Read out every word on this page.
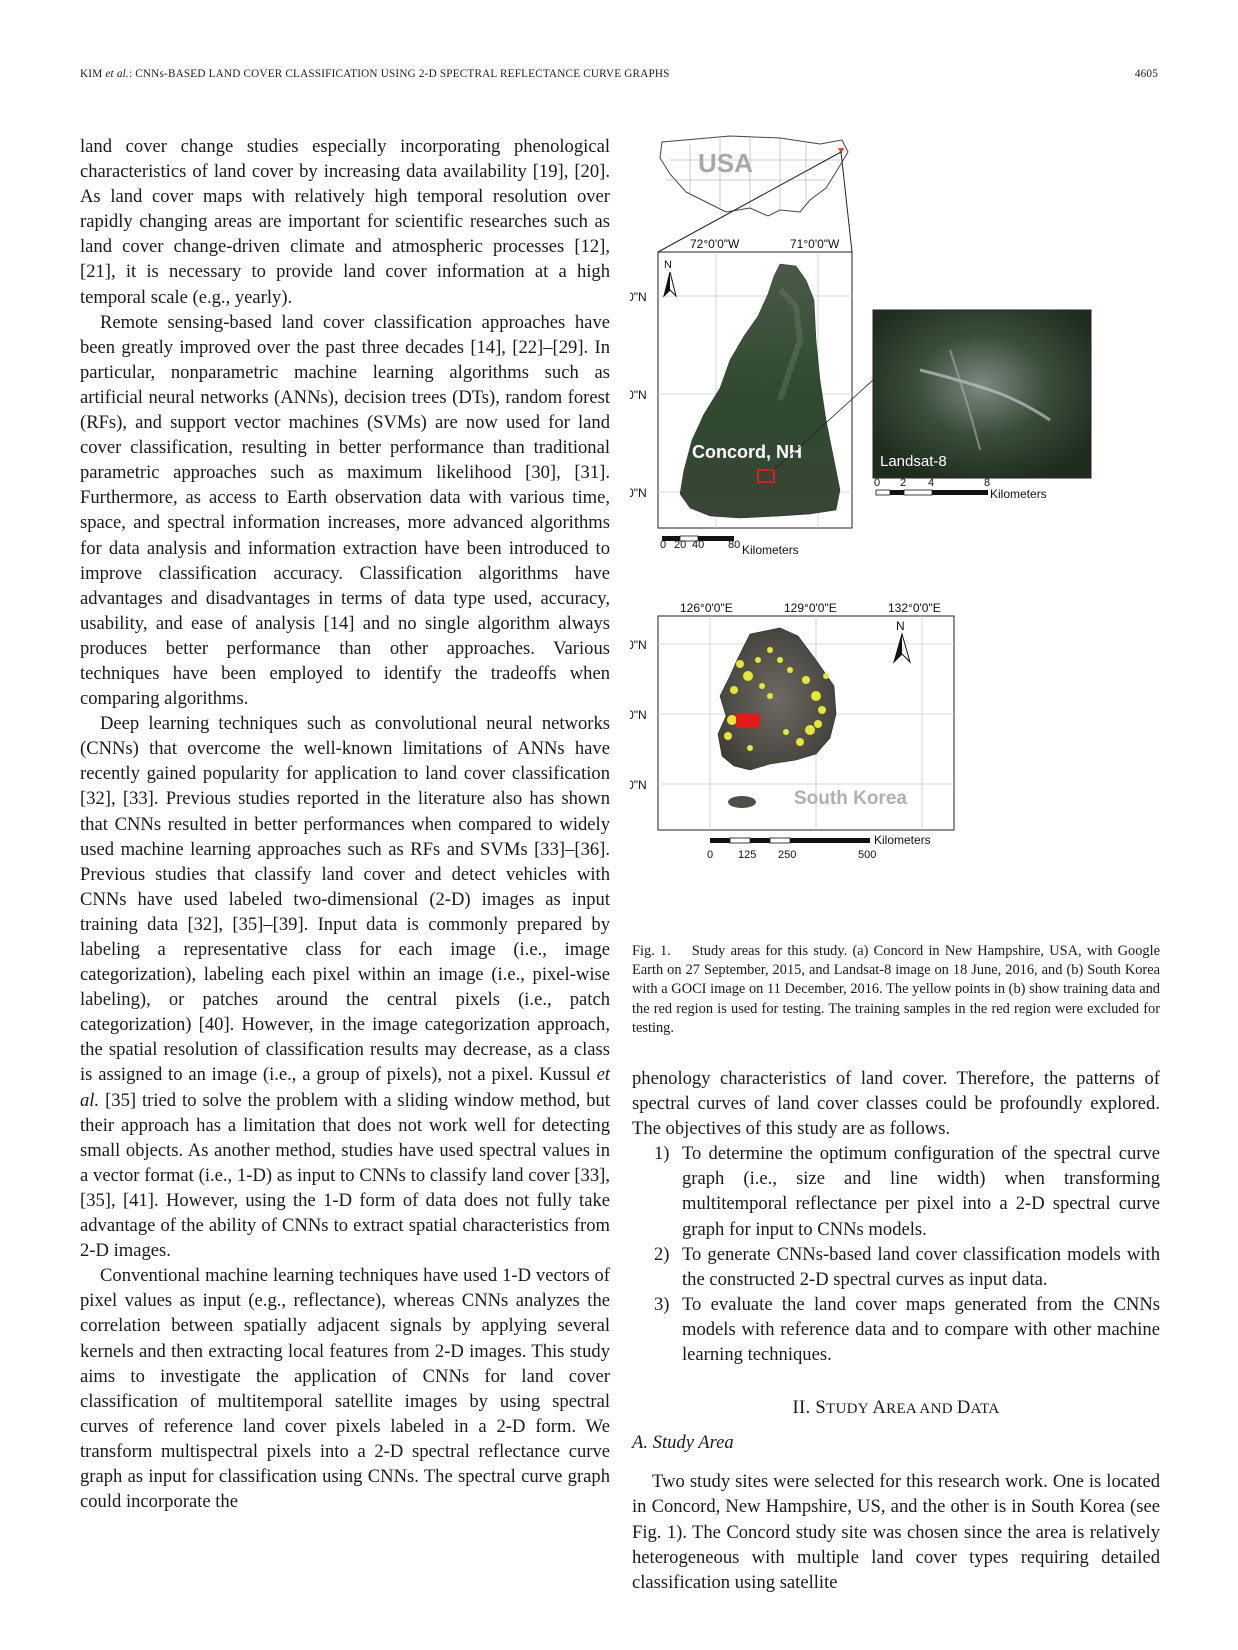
KIM et al.: CNNs-BASED LAND COVER CLASSIFICATION USING 2-D SPECTRAL REFLECTANCE CURVE GRAPHS	4605

land cover change studies especially incorporating phenological characteristics of land cover by increasing data availability [19], [20]. As land cover maps with relatively high temporal resolution over rapidly changing areas are important for scientific researches such as land cover change-driven climate and atmospheric processes [12], [21], it is necessary to provide land cover information at a high temporal scale (e.g., yearly).

Remote sensing-based land cover classification approaches have been greatly improved over the past three decades [14], [22]–[29]. In particular, nonparametric machine learning algorithms such as artificial neural networks (ANNs), decision trees (DTs), random forest (RFs), and support vector machines (SVMs) are now used for land cover classification, resulting in better performance than traditional parametric approaches such as maximum likelihood [30], [31]. Furthermore, as access to Earth observation data with various time, space, and spectral information increases, more advanced algorithms for data analysis and information extraction have been introduced to improve classification accuracy. Classification algorithms have advantages and disadvantages in terms of data type used, accuracy, usability, and ease of analysis [14] and no single algorithm always produces better performance than other approaches. Various techniques have been employed to identify the tradeoffs when comparing algorithms.

Deep learning techniques such as convolutional neural networks (CNNs) that overcome the well-known limitations of ANNs have recently gained popularity for application to land cover classification [32], [33]. Previous studies reported in the literature also has shown that CNNs resulted in better performances when compared to widely used machine learning approaches such as RFs and SVMs [33]–[36]. Previous studies that classify land cover and detect vehicles with CNNs have used labeled two-dimensional (2-D) images as input training data [32], [35]–[39]. Input data is commonly prepared by labeling a representative class for each image (i.e., image categorization), labeling each pixel within an image (i.e., pixel-wise labeling), or patches around the central pixels (i.e., patch categorization) [40]. However, in the image categorization approach, the spatial resolution of classification results may decrease, as a class is assigned to an image (i.e., a group of pixels), not a pixel. Kussul et al. [35] tried to solve the problem with a sliding window method, but their approach has a limitation that does not work well for detecting small objects. As another method, studies have used spectral values in a vector format (i.e., 1-D) as input to CNNs to classify land cover [33], [35], [41]. However, using the 1-D form of data does not fully take advantage of the ability of CNNs to extract spatial characteristics from 2-D images.

Conventional machine learning techniques have used 1-D vectors of pixel values as input (e.g., reflectance), whereas CNNs analyzes the correlation between spatially adjacent signals by applying several kernels and then extracting local features from 2-D images. This study aims to investigate the application of CNNs for land cover classification of multitemporal satellite images by using spectral curves of reference land cover pixels labeled in a 2-D form. We transform multispectral pixels into a 2-D spectral reflectance curve graph as input for classification using CNNs. The spectral curve graph could incorporate the

USA
Concord, NH
N
72°0'0"W	71°0'0"W
0"N
0"N
0"N
0 20 40 80 Kilometers
Landsat-8
0 2 4	8
Kilometers
South Korea
N
126°0'0"E	129°0'0"E	132°0'0"E
0"N
0"N
0"N
Kilometers
0 125 250	500
Fig. 1. Study areas for this study. (a) Concord in New Hampshire, USA, with Google Earth on 27 September, 2015, and Landsat-8 image on 18 June, 2016, and (b) South Korea with a GOCI image on 11 December, 2016. The yellow points in (b) show training data and the red region is used for testing. The training samples in the red region were excluded for testing.

phenology characteristics of land cover. Therefore, the patterns of spectral curves of land cover classes could be profoundly explored. The objectives of this study are as follows.

1) To determine the optimum configuration of the spectral curve graph (i.e., size and line width) when transforming multitemporal reflectance per pixel into a 2-D spectral curve graph for input to CNNs models.
2) To generate CNNs-based land cover classification models with the constructed 2-D spectral curves as input data.
3) To evaluate the land cover maps generated from the CNNs models with reference data and to compare with other machine learning techniques.
II. STUDY AREA AND DATA
A. Study Area

Two study sites were selected for this research work. One is located in Concord, New Hampshire, US, and the other is in South Korea (see Fig. 1). The Concord study site was chosen since the area is relatively heterogeneous with multiple land cover types requiring detailed classification using satellite
